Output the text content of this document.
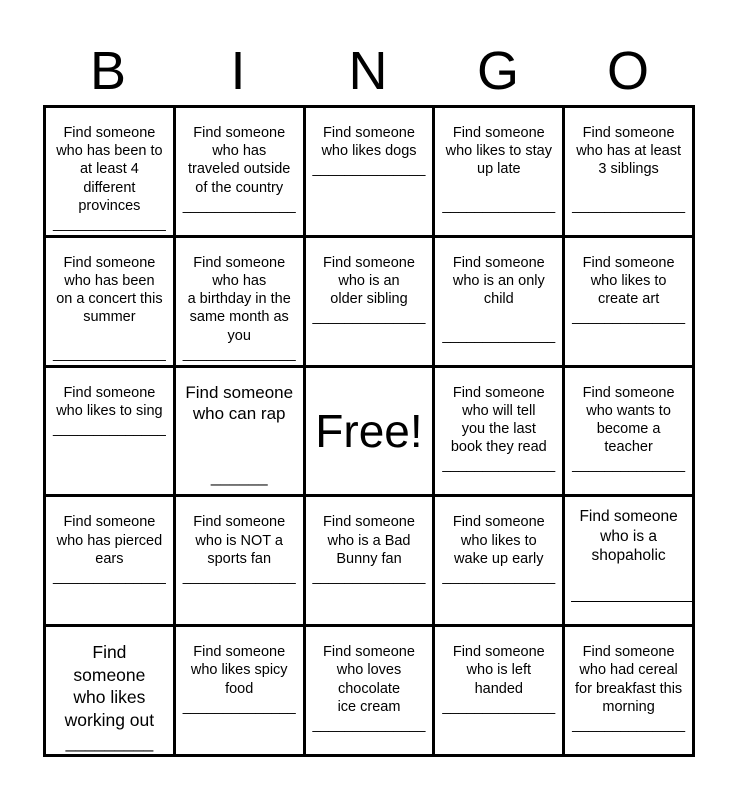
B	I	N	G	O
Find someone
who has been to
at least 4
different
provinces
______________
Find someone
who has
traveled outside
of the country
______________
Find someone
who likes dogs
______________
Find someone
who likes to stay
up late

______________
Find someone
who has at least
3 siblings

______________
Find someone
who has been
on a concert this
summer

______________
Find someone
who has
a birthday in the
same month as
you
______________
Find someone
who is an
older sibling
______________
Find someone
who is an only
child

______________
Find someone
who likes to
create art
______________
Find someone
who likes to sing
______________
Find someone
who can rap

______
Free!
Find someone
who will tell
you the last
book they read
______________
Find someone
who wants to
become a
teacher
______________
Find someone
who has pierced
ears
______________
Find someone
who is NOT a
sports fan
______________
Find someone
who is a Bad
Bunny fan
______________
Find someone
who likes to
wake up early
______________
Find someone
who is a
shopaholic

______________
Find
someone
who likes
working out
_________
Find someone
who likes spicy
food
______________
Find someone
who loves
chocolate
ice cream
______________
Find someone
who is left
handed
______________
Find someone
who had cereal
for breakfast this
morning
______________
